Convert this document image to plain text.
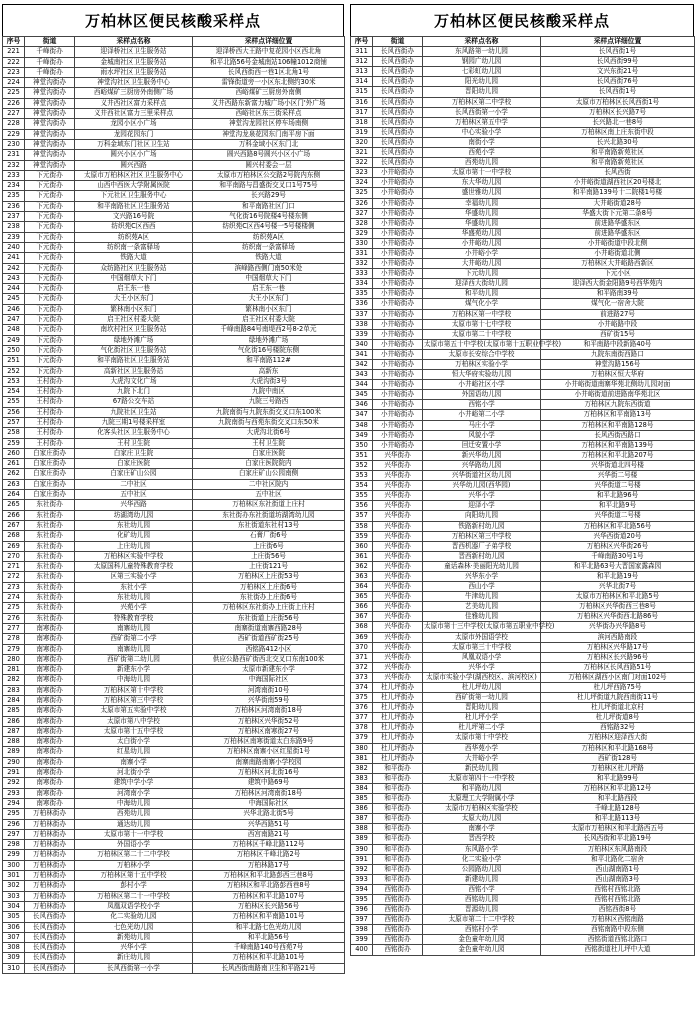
万柏林区便民核酸采样点
序号	街道	采样点名称	采样点详细位置
221	千峰街办	迎泽桥社区卫生服务站	迎泽桥西大王路中复花园小区西北角
222	千峰街办	金城南社区卫生服务站	和平北路56号金城南站106幢1012商铺
223	千峰街办	雨水坪社区卫生服务站	长风西街西一巷1区北角1号
224	神堂沟街办	神堂沟社区卫生服务中心	雷锋街道旁一小区东北侧约30米
225	神堂沟街办	西峪煤矿三厨房外南侧广场	西峪煤矿三厨房外南侧
226	神堂沟街办	义井西社区富力采样点	义井西路东新富力城广场小区门'外广场
227	神堂沟街办	义井西社区富力三里采样点	西峪社区东三街采样点
228	神堂沟街办	龙园小区小广场	神堂沟龙园社区停车场南侧
229	神堂沟街办	龙园花园东门	神堂沟龙泉花园东门南平房下面
230	神堂沟街办	万科金域东门社区卫生站	万科金域小区东门北
231	神堂沟街办	圆兴小区小广场	圆兴西路8号圆兴小区小广场
232	神堂沟街办	圆兴西路	圆兴村委会一层
233	下元街办	太原市万柏林区社区卫生服务中心	太原市万柏林区公交路2号院内东侧
234	下元街办	山西中西医大学附属医院	和平南路与昌盛街交叉口1号75号
235	下元街办	下元社区卫生服务中心	长兴路29号
236	下元街办	和平南路社区卫生服务站	和平南路社区门口
237	下元街办	文兴路16号院	气化街16号院楼4号楼东侧
238	下元街办	纺织苑C区西西	纺织苑C区西4号楼一5号楼楼侧
239	下元街办	纺织苑A区	纺织苑A区
240	下元街办	纺织南一条富驿场	纺织南一条富驿场
241	下元街办	铁路大道	铁路大道
242	下元街办	众纺路社区卫生服务站	滨峰路西侧门南50米处
243	下元街办	中国烟草大下门	中国烟草大下门
244	下元街办	启王东一巷	启王东一巷
245	下元街办	大王小区东门	大王小区东门
246	下元街办	繁林南小区东门	繁林南小区东门
247	下元街办	启王社区村委大院	启王社区村委大院
248	下元街办	南坎村社区卫生服务站	千峰南路84号南堤西2号8-2单元
249	下元街办	绿地外滩广场	绿地外滩广场
250	下元街办	气化街社区卫生服务站	气化街16号楼院东侧
251	下元街办	和平南路社区卫生服务站	和平南路112#
252	下元街办	高新社区卫生服务站	高新东
253	王村街办	大虎沟文化广场	大虎沟街3号
254	王村街办	九院下北门	九院中南区
255	王村街办	67路公交车站	九院三号路西
256	王村街办	九院社区卫生站	九院南街与九院东街交叉口东100米
257	王村街办	九院三期1号楼采样室	九院南街与西苑东街交叉口东50米
258	王村街办	化客头社区卫生服务中心	大虎沟北街6号
259	王村街办	王村卫生院	王村卫生院
260	白家庄街办	白家庄卫生院	白家庄医院
261	白家庄街办	白家庄医院	白家庄医院院内
262	白家庄街办	白家庄矿山公园	白家庄矿山公园南侧
263	白家庄街办	二中社区	二中社区院内
264	白家庄街办	五中社区	五中社区
265	东社街办	兴华西路	万柏林区东社街道上庄村
266	东社街办	坊湖湾幼儿园	东社街办东社街道坊湖湾幼儿园
267	东社街办	东社幼儿园	东社街道东社村13号
268	东社街办	化矿幼儿园	石膏厂街6号
269	东社街办	上庄幼儿园	上庄街6号
270	东社街办	万柏林区实验中学校	上庄街56号
271	东社街办	太原国科儿童特殊教育学校	上庄街121号
272	东社街办	区第三实验小学	万柏林区上庄街53号
273	东社街办	东社小学	万柏林区上庄街6号
274	东社街办	东社幼儿园	东社街办上庄街6号
275	东社街办	兴苑小学	万柏林区东社街办上庄街上庄村
276	东社街办	特殊教育学校	东社街道上庄街56号
277	南寒街办	南寨幼儿园	南寨街道南寨西路28号
278	南寒街办	西矿街第二小学	西矿街道西矿街25号
279	南寒街办	南寨幼儿园	西铭路412小区
280	南寒街办	西矿街第二幼儿园	供应公路西矿街西北交叉口东南100米
281	南寒街办	新建东小学	太原市新建东小学
282	南寒街办	中海幼儿园	中海国际社区
283	南寒街办	万柏林区第十中学校	河湾南街10号
284	南寒街办	万柏林区第三中学校	兴华街南59号
285	南寒街办	太原市第五实验中学校	万柏林区河湾南街18号
286	南寒街办	太原市第八中学校	万柏林区兴华街52号
287	南寒街办	太原市第十五中学校	万柏林区南寒街27号
288	南寒街办	太白街小学	万柏林区南寒街道太白东路9号
289	南寒街办	红星幼儿园	万柏林区南寨小区红星街1号
290	南寒街办	南寨小学	南寨南路南寨小学校园
291	南寒街办	河北街小学	万柏林区河北街16号
292	南寒街办	建筑中学小学	建筑中路69号
293	南寒街办	河湾南小学	万柏林区河湾南街18号
294	南寒街办	中海幼儿园	中海国际社区
295	万柏林街办	西苑幼儿园	兴华北路北街5号
296	万柏林街办	通达幼儿园	兴华西路51号
297	万柏林街办	太原市第十一中学校	西宫南路21号
298	万柏林街办	外国语小学	万柏林区千峰北路112号
299	万柏林街办	万柏林区第二十二中学校	万柏林区千峰北路2号
300	万柏林街办	万柏林小学	万柏林路17号
301	万柏林街办	万柏林区第十五中学校	万柏林区和平北路彭西三巷8号
302	万柏林街办	彭村小学	万柏林区和平北路彭西巷8号
303	万柏林街办	万柏林区第二十一中学校	万柏林区和平北路107号
304	万柏林街办	凤凰双语学校小学	万柏林区长兴路56号
305	长风西街办	化二实验幼儿园	万柏林区和平南路101号
306	长风西街办	七色光幼儿园	和平北路七色光幼儿园
307	长风西街办	新苑幼儿园	和平北路56号
308	长风西街办	兴华小学	千峰南路140号西苑7号
309	长风西街办	新庄幼儿园	万柏林区和平北路101号
310	长风西街办	长风西街第一小学	长风西街南路南卫生和平路21号
万柏林区便民核酸采样点
序号	街道	采样点名称	采样点详细位置
311	长风西街办	东风路第一幼儿园	长风西街1号
312	长风西街办	钢园广幼儿园	长风西街99号
313	长风西街办	七彩虹幼儿园	文兴东街21号
314	长风西街办	阳光幼儿园	长风西街76号
315	长风西街办	晋阳幼儿园	长风西街1号
316	长风西街办	万柏林区第二中学校	太原市万柏林区长风西街1号
317	长风西街办	长风西街第一小学	万柏林区长兴路7号
318	长风西街办	万柏林区第五中学	长兴路北一巷8号
319	长风西街办	中心实验小学	万柏林区南上庄东街中段
320	长风西街办	南街小学	长兴北路30号
321	长风西街办	西苑小学	和平南路新苑社区
322	长风西街办	西苑幼儿园	和平南路新苑社区
323	小井峪街办	太原市第十一中学校	长风西街
324	小井峪街办	东大华幼儿园	小井峪街道湖西社区20号楼北
325	小井峪街办	盛世雅幼儿园	和平南路139号十二院楼1号楼
326	小井峪街办	幸福幼儿园	大井峪街道28号
327	小井峪街办	华盛幼儿园	华盛大街下元第二条8号
328	小井峪街办	华盛幼儿园	前进路华盛东区
329	小井峪街办	华盛苑幼儿园	前进路华盛东区
330	小井峪街办	小井峪幼儿园	小井峪街道中段北侧
331	小井峪街办	小井峪小学	小井峪街道北侧
332	小井峪街办	大井峪幼儿园	万柏林区大井峪路西新区
333	小井峪街办	下元幼儿园	下元小区
334	小井峪街办	迎泽西大街幼儿园	迎泽西大街金阳路9号西华苑内
335	小井峪街办	和平幼儿园	和平路南39号
336	小井峪街办	煤气化小学	煤气化一宿舍大院
337	小井峪街办	万柏林区第一中学校	前进路27号
338	小井峪街办	太原市第十七中学校	小井峪路中段
339	小井峪街办	太原市第二十中学校	西矿街15号
340	小井峪街办	太原市第五十中学校(太原市第十五职业中学校)	和平南路中段新路40号
341	小井峪街办	太原市长安综合中学校	九院东南街西路口
342	小井峪街办	万柏林区实验小学	神堂沟路156号
343	小井峪街办	恒大华府实验幼儿园	万柏林区恒大华府
344	小井峪街办	小井峪社区小学	小井峪街道南寨华苑北侧幼儿园对面
345	小井峪街办	外国语幼儿园	小井峪街道前进路南华苑北区
346	小井峪街办	西铭小学	万柏林区九院东西街道
347	小井峪街办	小井峪第二小学	万柏林区和平南路13号
348	小井峪街办	马庄小学	万柏林区和平南路128号
349	小井峪街办	风貌小学	长风西街西路口
350	小井峪街办	回迁安置小学	万柏林区和平南路139号
351	兴华街办	新兴华幼儿园	万柏林区和平北路207号
352	兴华街办	兴华路幼儿园	兴华街道北四号楼
353	兴华街办	兴华街道社区幼儿园	兴华街二号楼
354	兴华街办	兴华幼儿园(西华园)	兴华街道二号楼
355	兴华街办	兴华小学	和平北路96号
356	兴华街办	迎泽小学	和平北路9号
357	兴华街办	向阳幼儿园	兴华街道二号楼
358	兴华街办	铁路新村幼儿园	万柏林区和平北路56号
359	兴华街办	万柏林区第三中学校	兴华西街道20号
360	兴华街办	晋西机器厂子弟学校	万柏林区兴华街26号
361	兴华街办	晋西新村幼儿园	千峰南路30号1号
362	兴华街办	童话森林·美丽阳光幼儿园	和平北路63号大晋国家露森园
363	兴华街办	兴华东小学	和平北路19号
364	兴华街办	西山小学	兴华北街7号
365	兴华街办	牛津幼儿园	太原市万柏林区和平北路5号
366	兴华街办	艺美幼儿园	万柏林区兴华街西三巷8号
367	兴华街办	佳雅幼儿园	万柏林区兴华街西北路86号
368	兴华街办	太原市第十三中学校(太原市第五职业中学校)	兴华街办兴华路8号
369	兴华街办	太原市外国语学校	滨河西路南段
370	兴华街办	太原市第三十中学校	万柏林区兴华路17号
371	兴华街办	风凰双语小学	万柏林区长兴路96号
372	兴华街办	兴华小学	万柏林区长风西路51号
373	兴华街办	太原市实验小学(湖西校区、滨河校区)	万柏林区湖西小区南门对面102号
374	杜儿坪街办	杜儿坪幼儿园	杜儿坪西路75号
375	杜儿坪街办	西矿街第一幼儿园	杜儿坪街道九院西南街11号
376	杜儿坪街办	晋阳幼儿园	杜儿坪街道北京村
377	杜儿坪街办	杜儿坪小学	杜儿坪街道8号
378	杜儿坪街办	杜儿坪第二小学	西铭路32号
379	杜儿坪街办	太原市第十中学校	万柏林区迎泽西大街
380	杜儿坪街办	西华苑小学	万柏林区和平北路168号
381	杜儿坪街办	大井峪小学	西矿街128号
382	和平街办	新民幼儿园	万柏林区杜儿坪路
383	和平街办	太原市第四十一中学校	和平北路99号
384	和平街办	和平路幼儿园	万柏林区和平北路12号
385	和平街办	太原理工大学附属小学	和平北路西段
386	和平街办	太原市万柏林区实验学校	千峰北路128号
387	和平街办	太原大幼儿园	和平北路113号
388	和平街办	南寨小学	太原市万柏林区和平北路西五号
389	和平街办	晋西学校	长风西街和平北路19号
390	和平街办	东风路小学	万柏林区东风路南段
391	和平街办	化二实验小学	和平北路化二宿舍
392	和平街办	公园路幼儿园	西山湖南路1号
393	和平街办	新建幼儿园	西山湖南路3号
394	西铭街办	西铭小学	西铭村西铭北路
395	西铭街办	西铭幼儿园	西铭村西铭北路
396	西铭街办	晋源幼儿园	西铭西街8号
397	西铭街办	太原市第二十二中学校	万柏林区西铭南路
398	西铭街办	西铭村小学	西铭南路中段东侧
399	西铭街办	金色童年幼儿园	西铭街道西铭北路口
400	西铭街办	金色童年幼儿园	西铭街道杜儿坪中大道
